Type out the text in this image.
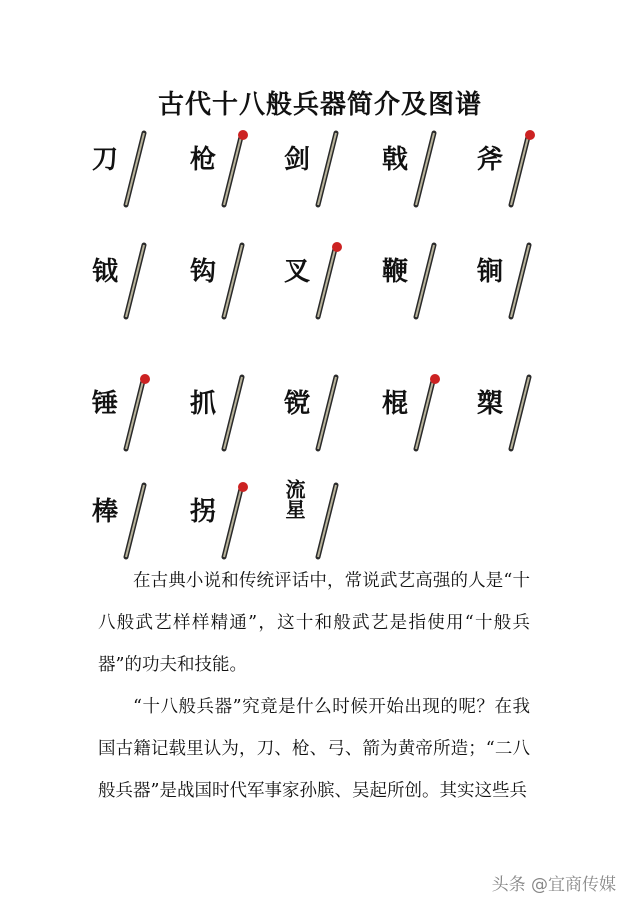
古代十八般兵器简介及图谱
刀	枪	剑	戟	斧
钺	钩	叉	鞭	锏
锤	抓	镋	棍	槊
棒	拐	流星

在古典小说和传统评话中，常说武艺高强的人是“十八般武艺样样精通”，这十和般武艺是指使用“十般兵器”的功夫和技能。

“十八般兵器”究竟是什么时候开始出现的呢？在我国古籍记载里认为，刀、枪、弓、箭为黄帝所造；“二八般兵器”是战国时代军事家孙膑、吴起所创。其实这些兵

头条 @宜商传媒
